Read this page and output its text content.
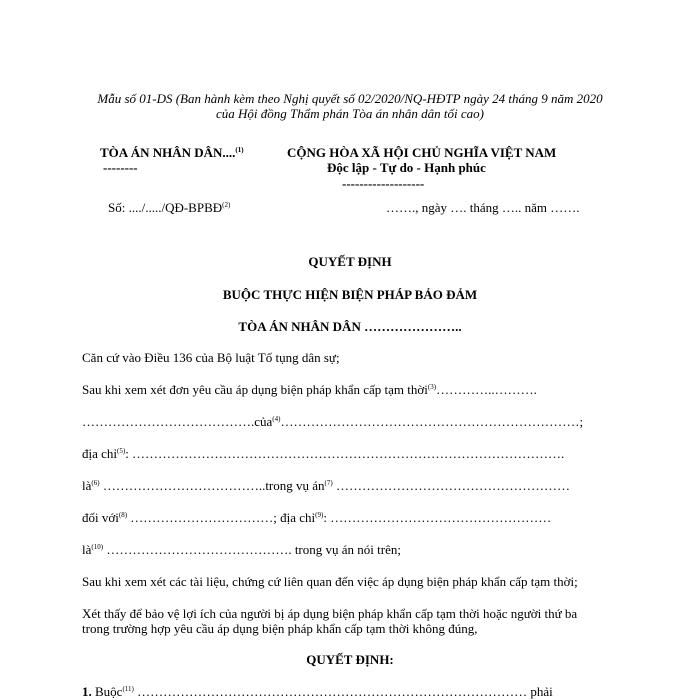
Mẫu số 01-DS (Ban hành kèm theo Nghị quyết số 02/2020/NQ-HĐTP ngày 24 tháng 9 năm 2020
của Hội đồng Thẩm phán Tòa án nhân dân tối cao)
TÒA ÁN NHÂN DÂN....$^{(1)}$
--------
CỘNG HÒA XÃ HỘI CHỦ NGHĨA VIỆT NAM
Độc lập - Tự do - Hạnh phúc
-------------------
Số: ..../...../QĐ-BPBĐ$^{(2)}$	……., ngày …. tháng ….. năm …….
QUYẾT ĐỊNH
BUỘC THỰC HIỆN BIỆN PHÁP BẢO ĐẢM
TÒA ÁN NHÂN DÂN …………………..
Căn cứ vào Điều 136 của Bộ luật Tố tụng dân sự;
Sau khi xem xét đơn yêu cầu áp dụng biện pháp khẩn cấp tạm thời$^{(3)}$…………..……….
………………………………….của$^{(4)}$……………………………………………………………;
địa chỉ$^{(5)}$: ……………………………………………………………………………………….
$là^{(6)}$ ………………………………..trong vụ $án^{(7)}$ ………………………………………………
đối với$^{(8)}$ ……………………………; địa chỉ$^{(9)}$: ……………………………………………
$là^{(10)}$ ……………………………………. trong vụ án nói trên;
Sau khi xem xét các tài liệu, chứng cứ liên quan đến việc áp dụng biện pháp khẩn cấp tạm thời;
Xét thấy để bảo vệ lợi ích của người bị áp dụng biện pháp khẩn cấp tạm thời hoặc người thứ ba
trong trường hợp yêu cầu áp dụng biện pháp khẩn cấp tạm thời không đúng,
QUYẾT ĐỊNH:
1. Buộc$^{(11)}$ ……………………………………………………………………………… phải
